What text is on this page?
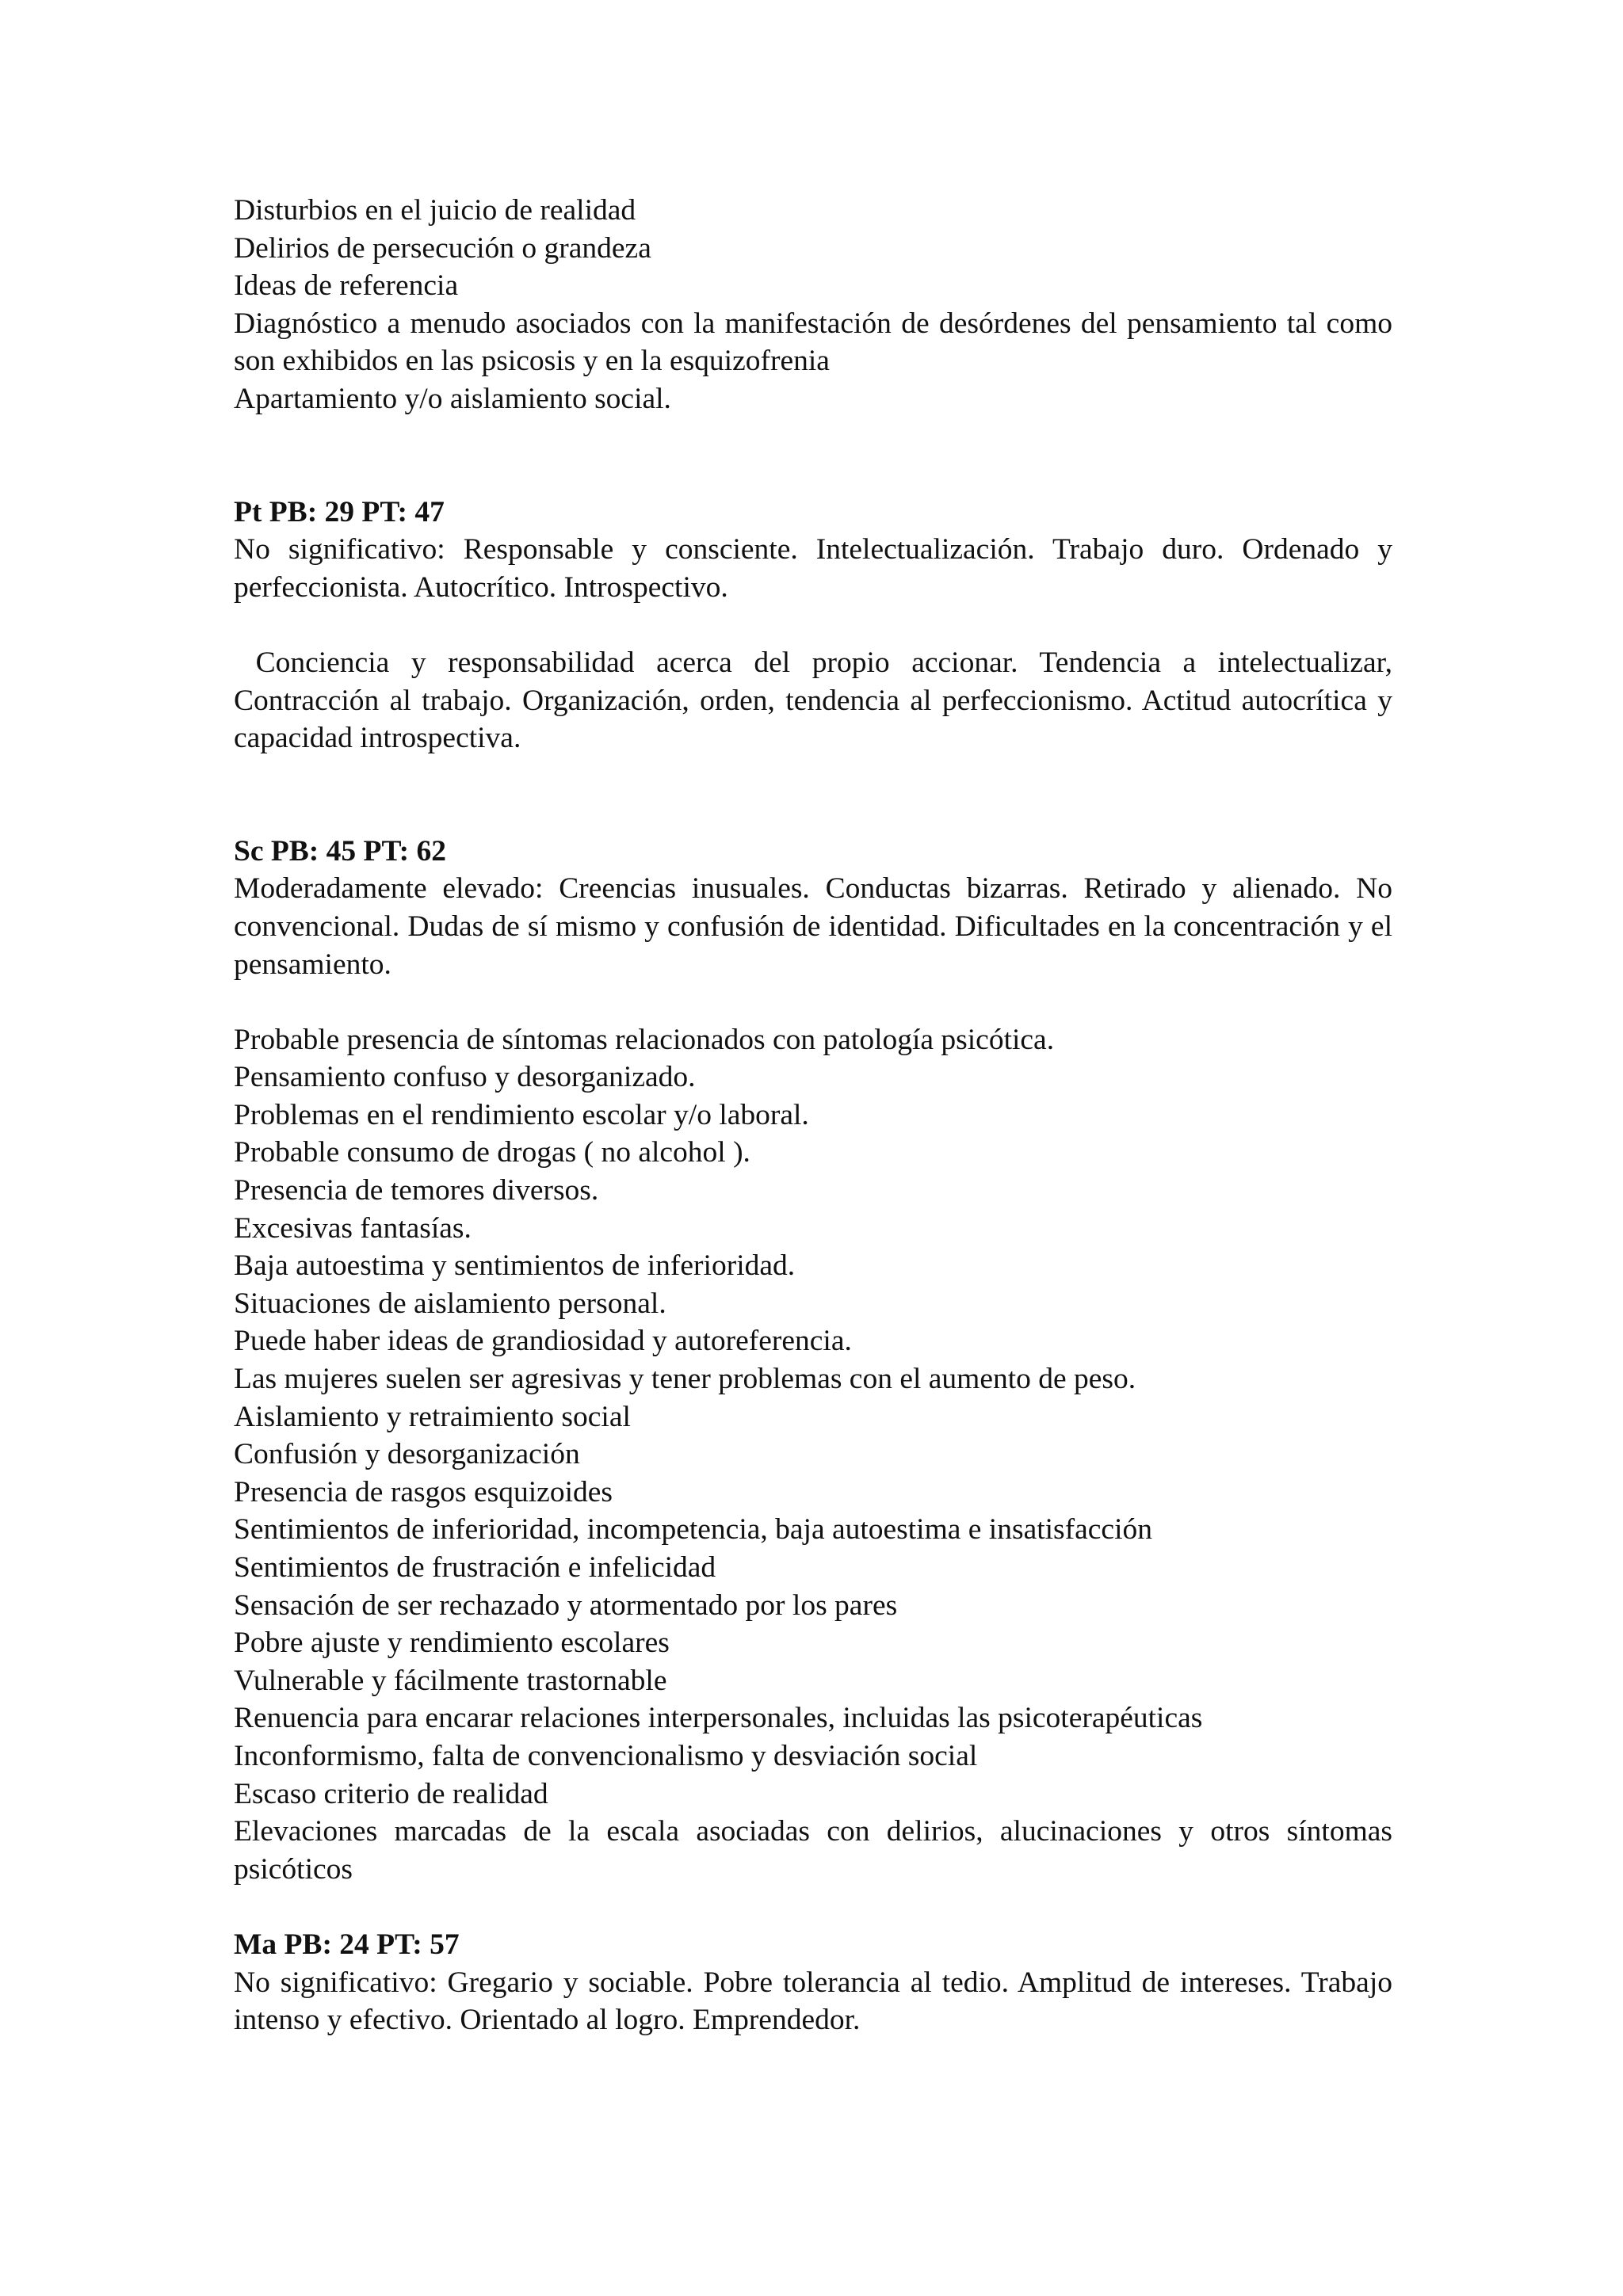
Disturbios en el juicio de realidad
Delirios de persecución o grandeza
Ideas de referencia
Diagnóstico a menudo asociados con la manifestación de desórdenes del pensamiento tal como son exhibidos en las psicosis y en la esquizofrenia
Apartamiento y/o aislamiento social.
Pt PB: 29 PT: 47
No significativo: Responsable y consciente. Intelectualización. Trabajo duro. Ordenado y perfeccionista. Autocrítico. Introspectivo.
Conciencia y responsabilidad acerca del propio accionar. Tendencia a intelectualizar, Contracción al trabajo. Organización, orden, tendencia al perfeccionismo. Actitud autocrítica y capacidad introspectiva.
Sc PB: 45 PT: 62
Moderadamente elevado: Creencias inusuales. Conductas bizarras. Retirado y alienado. No convencional. Dudas de sí mismo y confusión de identidad. Dificultades en la concentración y el pensamiento.
Probable presencia de síntomas relacionados con patología psicótica.
Pensamiento confuso y desorganizado.
Problemas en el rendimiento escolar y/o laboral.
Probable consumo de drogas ( no alcohol ).
Presencia de temores diversos.
Excesivas fantasías.
Baja autoestima y sentimientos de inferioridad.
Situaciones de aislamiento personal.
Puede haber ideas de grandiosidad y autoreferencia.
Las mujeres suelen ser agresivas y tener problemas con el aumento de peso.
Aislamiento y retraimiento social
Confusión y desorganización
Presencia de rasgos esquizoides
Sentimientos de inferioridad, incompetencia, baja autoestima e insatisfacción
Sentimientos de frustración e infelicidad
Sensación de ser rechazado y atormentado por los pares
Pobre ajuste y rendimiento escolares
Vulnerable y fácilmente trastornable
Renuencia para encarar relaciones interpersonales, incluidas las psicoterapéuticas
Inconformismo, falta de convencionalismo y desviación social
Escaso criterio de realidad
Elevaciones marcadas de la escala asociadas con delirios, alucinaciones y otros síntomas psicóticos
Ma PB: 24 PT: 57
No significativo: Gregario y sociable. Pobre tolerancia al tedio. Amplitud de intereses. Trabajo intenso y efectivo. Orientado al logro. Emprendedor.
